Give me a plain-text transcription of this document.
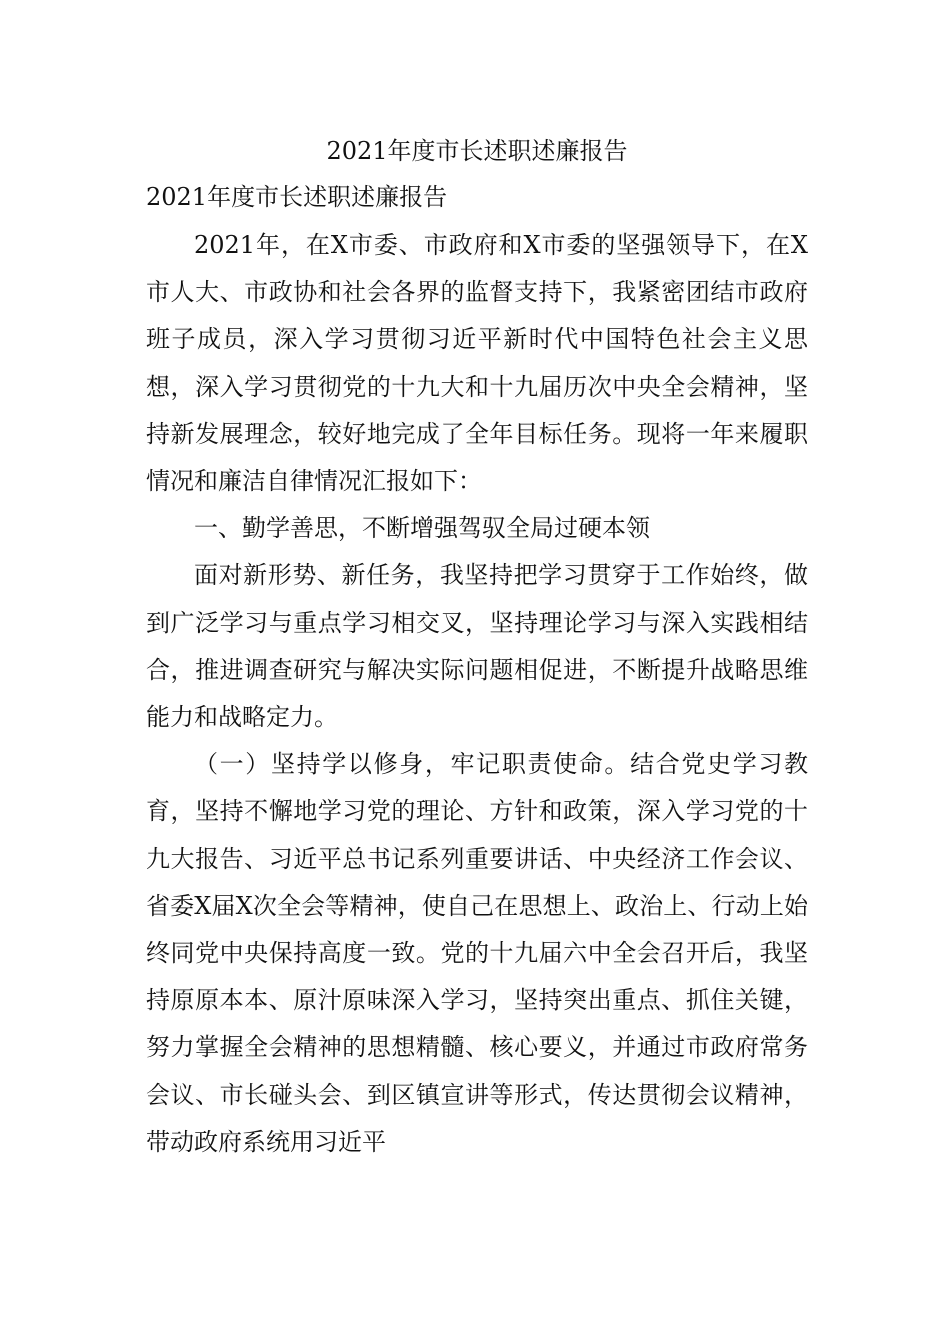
2021年度市长述职述廉报告
2021年度市长述职述廉报告

2021年，在X市委、市政府和X市委的坚强领导下，在X市人大、市政协和社会各界的监督支持下，我紧密团结市政府班子成员，深入学习贯彻习近平新时代中国特色社会主义思想，深入学习贯彻党的十九大和十九届历次中央全会精神，坚持新发展理念，较好地完成了全年目标任务。现将一年来履职情况和廉洁自律情况汇报如下：

一、勤学善思，不断增强驾驭全局过硬本领

面对新形势、新任务，我坚持把学习贯穿于工作始终，做到广泛学习与重点学习相交叉，坚持理论学习与深入实践相结合，推进调查研究与解决实际问题相促进，不断提升战略思维能力和战略定力。

（一）坚持学以修身，牢记职责使命。结合党史学习教育，坚持不懈地学习党的理论、方针和政策，深入学习党的十九大报告、习近平总书记系列重要讲话、中央经济工作会议、省委X届X次全会等精神，使自己在思想上、政治上、行动上始终同党中央保持高度一致。党的十九届六中全会召开后，我坚持原原本本、原汁原味深入学习，坚持突出重点、抓住关键，努力掌握全会精神的思想精髓、核心要义，并通过市政府常务会议、市长碰头会、到区镇宣讲等形式，传达贯彻会议精神，带动政府系统用习近平
